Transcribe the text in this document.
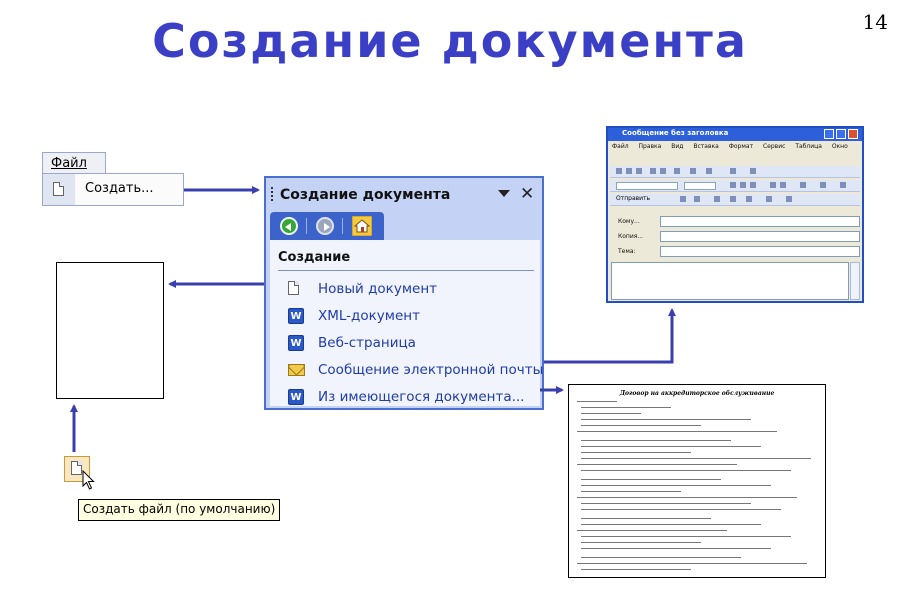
Создание документа	14
Файл
Создать...	Создание документа	✕
Создание
Новый документ
W XML-документ
W Веб-страница
Сообщение электронной почты
W Из имеющегося документа...
Создать файл (по умолчанию)
Сообщение без заголовка
Файл Правка Вид Вставка Формат Сервис Таблица Окно
Отправить
Кому...
Копия...
Тема:
Договор на аккредиторское обслуживание
